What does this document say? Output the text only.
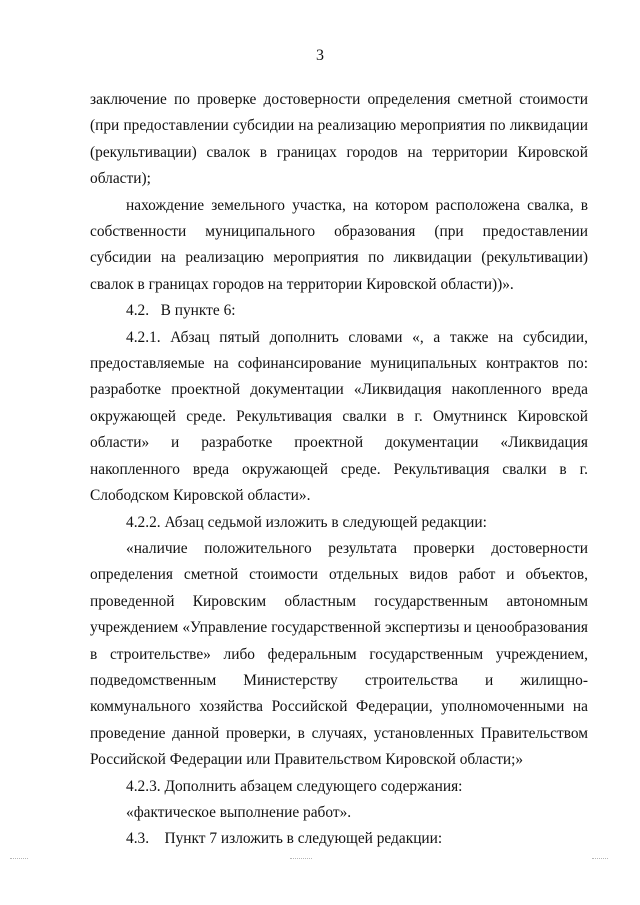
3

заключение по проверке достоверности определения сметной стоимости (при предоставлении субсидии на реализацию мероприятия по ликвидации (рекультивации) свалок в границах городов на территории Кировской области);

нахождение земельного участка, на котором расположена свалка, в собственности муниципального образования (при предоставлении субсидии на реализацию мероприятия по ликвидации (рекультивации) свалок в границах городов на территории Кировской области))».

4.2.   В пункте 6:

4.2.1. Абзац пятый дополнить словами «, а также на субсидии, предоставляемые на софинансирование муниципальных контрактов по: разработке проектной документации «Ликвидация накопленного вреда окружающей среде. Рекультивация свалки в г. Омутнинск Кировской области» и разработке проектной документации «Ликвидация накопленного вреда окружающей среде. Рекультивация свалки в г. Слободском Кировской области».

4.2.2. Абзац седьмой изложить в следующей редакции:

«наличие положительного результата проверки достоверности определения сметной стоимости отдельных видов работ и объектов, проведенной Кировским областным государственным автономным учреждением «Управление государственной экспертизы и ценообразования в строительстве» либо федеральным государственным учреждением, подведомственным Министерству строительства и жилищно-коммунального хозяйства Российской Федерации, уполномоченными на проведение данной проверки, в случаях, установленных Правительством Российской Федерации или Правительством Кировской области;»

4.2.3. Дополнить абзацем следующего содержания:

«фактическое выполнение работ».

4.3.    Пункт 7 изложить в следующей редакции:
